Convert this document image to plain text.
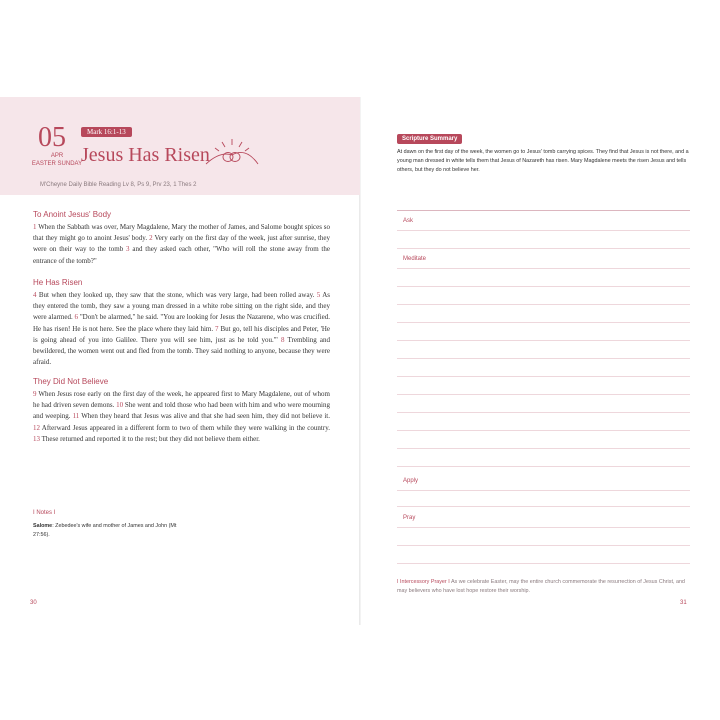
05
APR
EASTER SUNDAY
Mark 16:1-13
Jesus Has Risen
M'Cheyne Daily Bible Reading Lv 8, Ps 9, Prv 23, 1 Thes 2
To Anoint Jesus' Body
1 When the Sabbath was over, Mary Magdalene, Mary the mother of James, and Salome bought spices so that they might go to anoint Jesus' body. 2 Very early on the first day of the week, just after sunrise, they were on their way to the tomb 3 and they asked each other, "Who will roll the stone away from the entrance of the tomb?"
He Has Risen
4 But when they looked up, they saw that the stone, which was very large, had been rolled away. 5 As they entered the tomb, they saw a young man dressed in a white robe sitting on the right side, and they were alarmed. 6 "Don't be alarmed," he said. "You are looking for Jesus the Nazarene, who was crucified. He has risen! He is not here. See the place where they laid him. 7 But go, tell his disciples and Peter, 'He is going ahead of you into Galilee. There you will see him, just as he told you.'" 8 Trembling and bewildered, the women went out and fled from the tomb. They said nothing to anyone, because they were afraid.
They Did Not Believe
9 When Jesus rose early on the first day of the week, he appeared first to Mary Magdalene, out of whom he had driven seven demons. 10 She went and told those who had been with him and who were mourning and weeping. 11 When they heard that Jesus was alive and that she had seen him, they did not believe it. 12 Afterward Jesus appeared in a different form to two of them while they were walking in the country. 13 These returned and reported it to the rest; but they did not believe them either.
I Notes I
Salome: Zebedee's wife and mother of James and John (Mt 27:56).
30
Scripture Summary
At dawn on the first day of the week, the women go to Jesus' tomb carrying spices. They find that Jesus is not there, and a young man dressed in white tells them that Jesus of Nazareth has risen. Mary Magdalene meets the risen Jesus and tells others, but they do not believe her.
Ask
Meditate
Apply
Pray
I Intercessory Prayer I As we celebrate Easter, may the entire church commemorate the resurrection of Jesus Christ, and may believers who have lost hope restore their worship.
31
